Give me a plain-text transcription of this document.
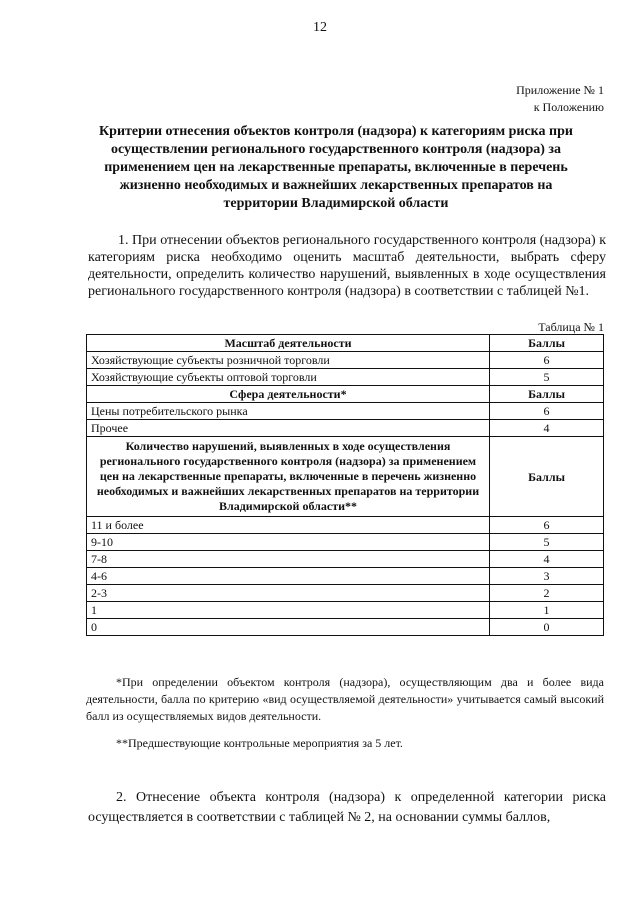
12
Приложение № 1
к Положению
Критерии отнесения объектов контроля (надзора) к категориям риска при осуществлении регионального государственного контроля (надзора) за применением цен на лекарственные препараты, включенные в перечень жизненно необходимых и важнейших лекарственных препаратов на территории Владимирской области
1. При отнесении объектов регионального государственного контроля (надзора) к категориям риска необходимо оценить масштаб деятельности, выбрать сферу деятельности, определить количество нарушений, выявленных в ходе осуществления регионального государственного контроля (надзора) в соответствии с таблицей №1.
Таблица № 1
Масштаб деятельности	Баллы
Хозяйствующие субъекты розничной торговли	6
Хозяйствующие субъекты оптовой торговли	5
Сфера деятельности*	Баллы
Цены потребительского рынка	6
Прочее	4
Количество нарушений, выявленных в ходе осуществления регионального государственного контроля (надзора) за применением цен на лекарственные препараты, включенные в перечень жизненно необходимых и важнейших лекарственных препаратов на территории Владимирской области**	Баллы
11 и более	6
9-10	5
7-8	4
4-6	3
2-3	2
1	1
0	0
*При определении объектом контроля (надзора), осуществляющим два и более вида деятельности, балла по критерию «вид осуществляемой деятельности» учитывается самый высокий балл из осуществляемых видов деятельности.
**Предшествующие контрольные мероприятия за 5 лет.
2. Отнесение объекта контроля (надзора) к определенной категории риска осуществляется в соответствии с таблицей № 2, на основании суммы баллов,
